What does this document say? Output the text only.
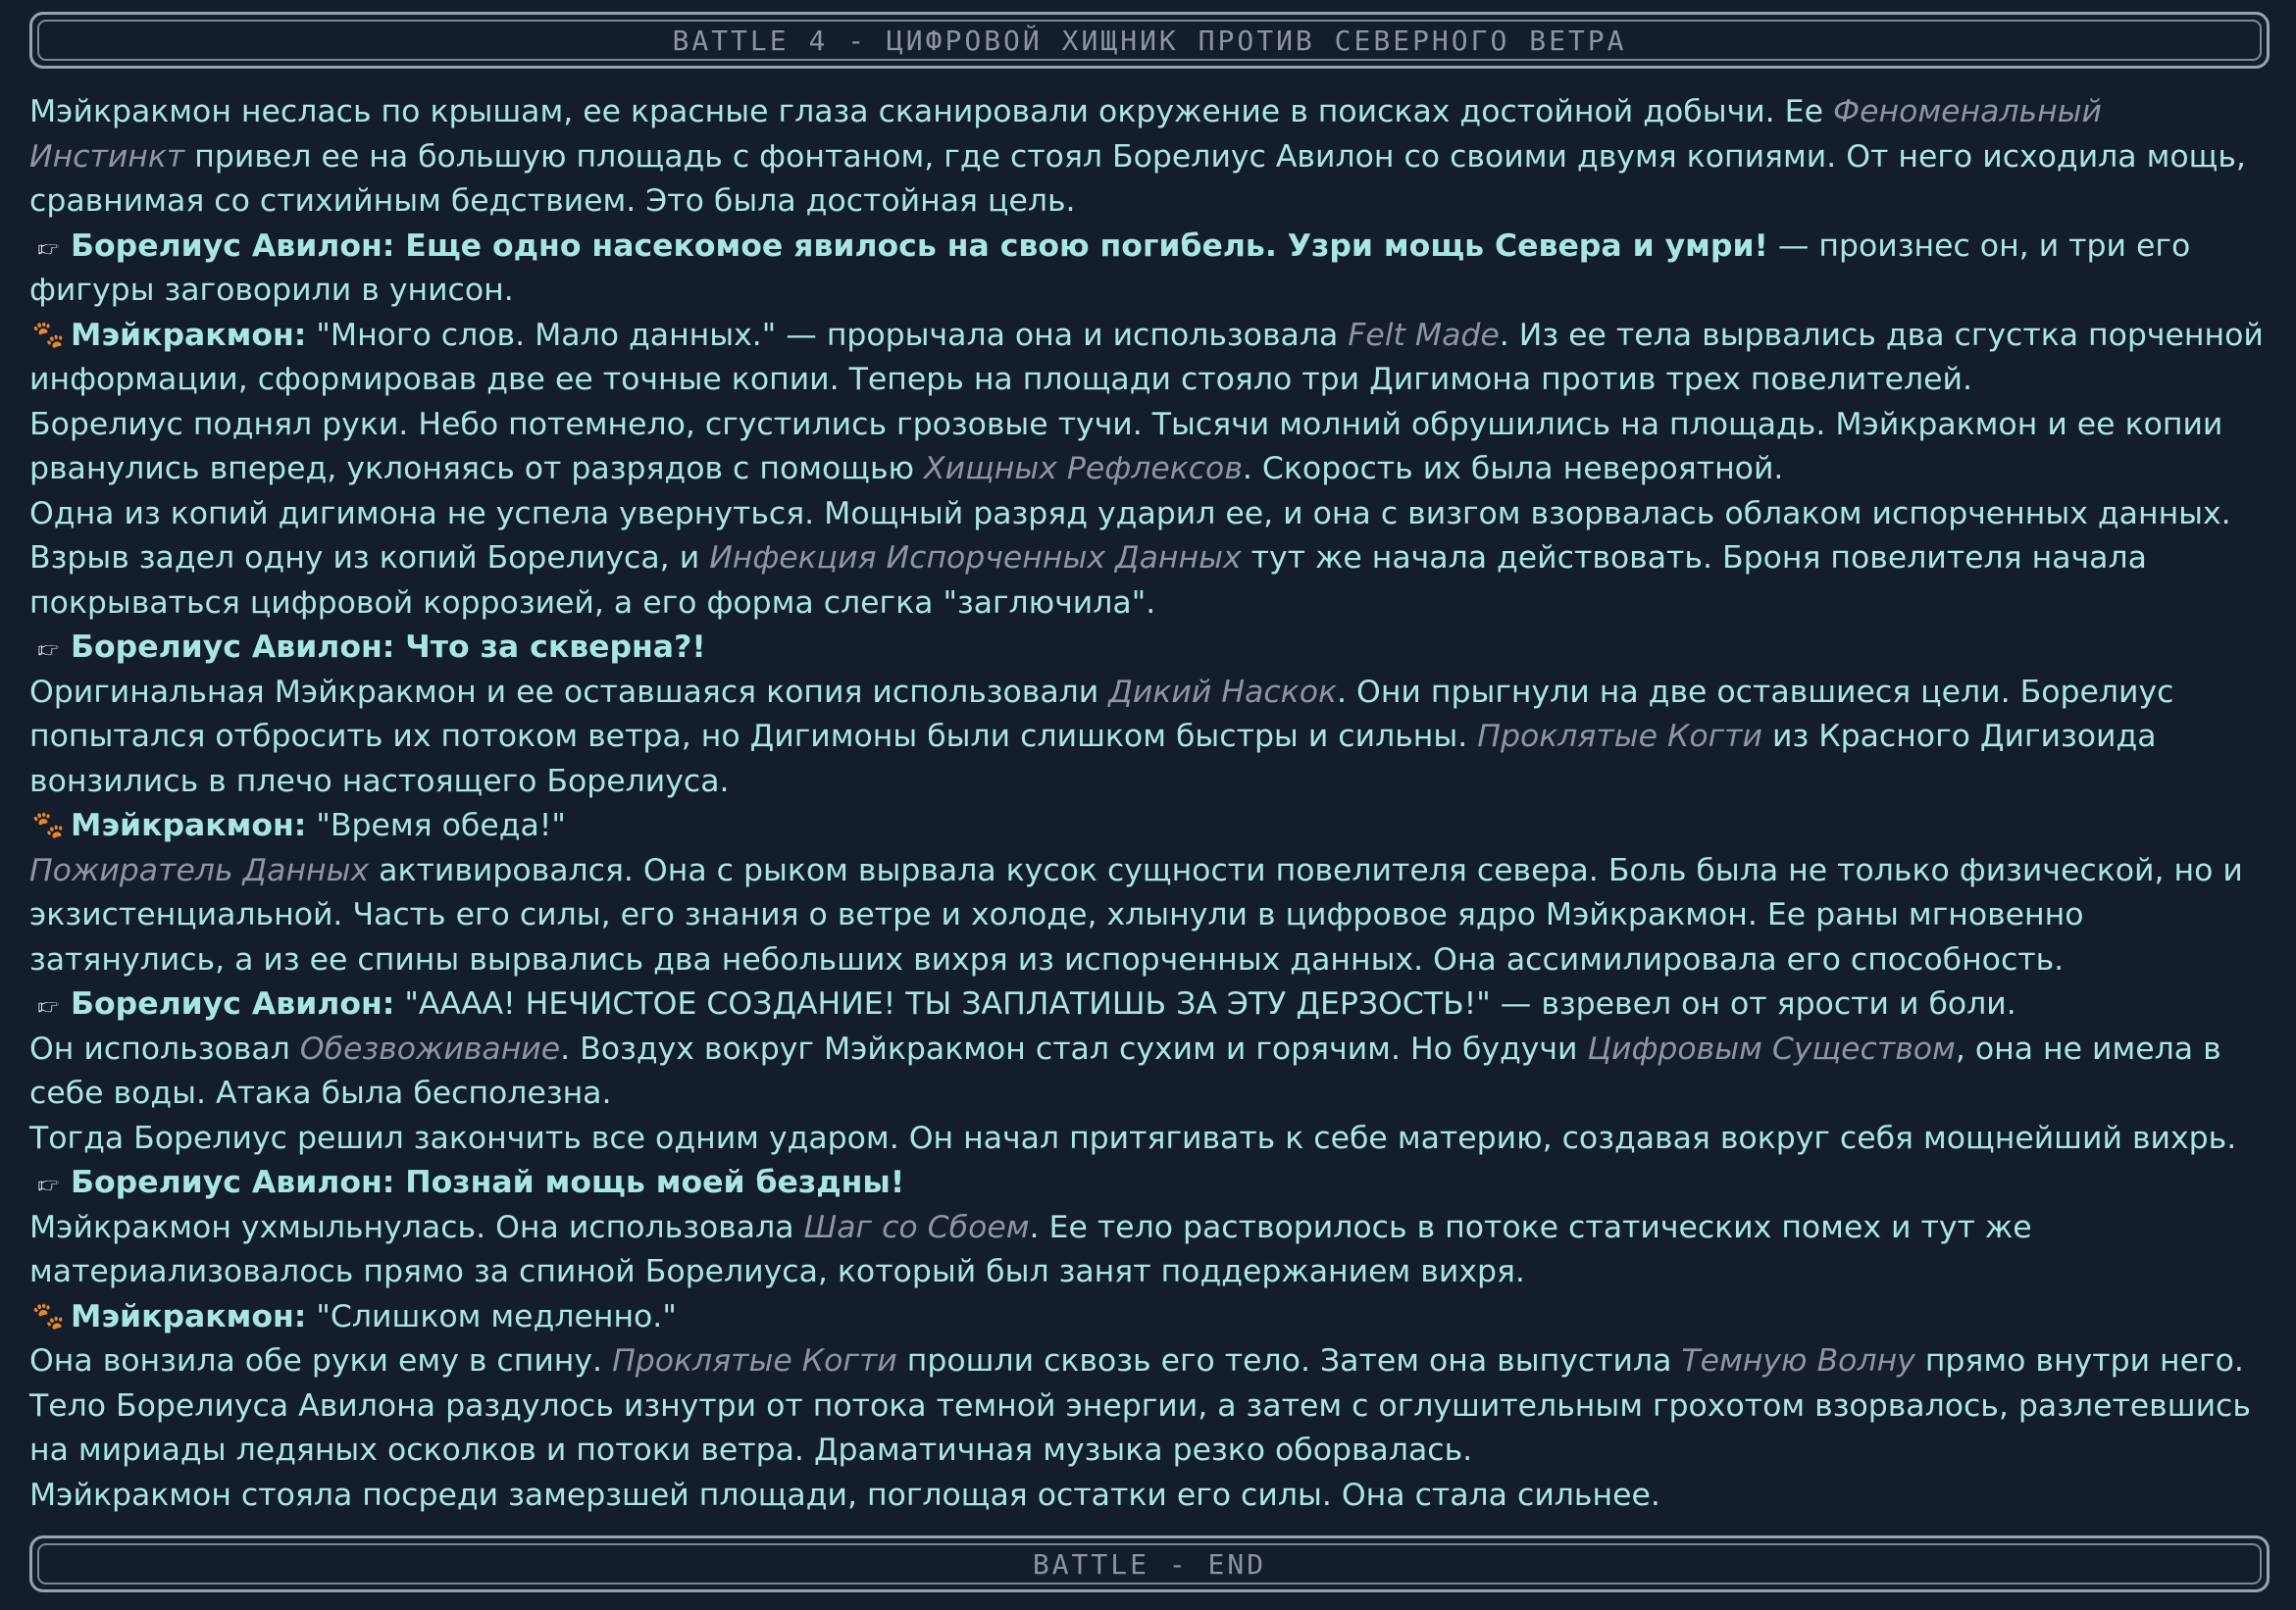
BATTLE 4 - ЦИФРОВОЙ ХИЩНИК ПРОТИВ СЕВЕРНОГО ВЕТРА

Мэйкракмон неслась по крышам, ее красные глаза сканировали окружение в поисках достойной добычи. Ее Феноменальный Инстинкт привел ее на большую площадь с фонтаном, где стоял Борелиус Авилон со своими двумя копиями. От него исходила мощь, сравнимая со стихийным бедствием. Это была достойная цель.

👉︎ Борелиус Авилон: Еще одно насекомое явилось на свою погибель. Узри мощь Севера и умри! — произнес он, и три его фигуры заговорили в унисон.

🐾︎ Мэйкракмон: "Много слов. Мало данных." — прорычала она и использовала Felt Made. Из ее тела вырвались два сгустка порченной информации, сформировав две ее точные копии. Теперь на площади стояло три Дигимона против трех повелителей.

Борелиус поднял руки. Небо потемнело, сгустились грозовые тучи. Тысячи молний обрушились на площадь. Мэйкракмон и ее копии рванулись вперед, уклоняясь от разрядов с помощью Хищных Рефлексов. Скорость их была невероятной.

Одна из копий дигимона не успела увернуться. Мощный разряд ударил ее, и она с визгом взорвалась облаком испорченных данных. Взрыв задел одну из копий Борелиуса, и Инфекция Испорченных Данных тут же начала действовать. Броня повелителя начала покрываться цифровой коррозией, а его форма слегка "заглючила".

👉︎ Борелиус Авилон: Что за скверна?!

Оригинальная Мэйкракмон и ее оставшаяся копия использовали Дикий Наскок. Они прыгнули на две оставшиеся цели. Борелиус попытался отбросить их потоком ветра, но Дигимоны были слишком быстры и сильны. Проклятые Когти из Красного Дигизоида вонзились в плечо настоящего Борелиуса.

🐾︎ Мэйкракмон: "Время обеда!"

Пожиратель Данных активировался. Она с рыком вырвала кусок сущности повелителя севера. Боль была не только физической, но и экзистенциальной. Часть его силы, его знания о ветре и холоде, хлынули в цифровое ядро Мэйкракмон. Ее раны мгновенно затянулись, а из ее спины вырвались два небольших вихря из испорченных данных. Она ассимилировала его способность.

👉︎ Борелиус Авилон: "АААА! НЕЧИСТОЕ СОЗДАНИЕ! ТЫ ЗАПЛАТИШЬ ЗА ЭТУ ДЕРЗОСТЬ!" — взревел он от ярости и боли.

Он использовал Обезвоживание. Воздух вокруг Мэйкракмон стал сухим и горячим. Но будучи Цифровым Существом, она не имела в себе воды. Атака была бесполезна.

Тогда Борелиус решил закончить все одним ударом. Он начал притягивать к себе материю, создавая вокруг себя мощнейший вихрь.

👉︎ Борелиус Авилон: Познай мощь моей бездны!

Мэйкракмон ухмыльнулась. Она использовала Шаг со Сбоем. Ее тело растворилось в потоке статических помех и тут же материализовалось прямо за спиной Борелиуса, который был занят поддержанием вихря.

🐾︎ Мэйкракмон: "Слишком медленно."

Она вонзила обе руки ему в спину. Проклятые Когти прошли сквозь его тело. Затем она выпустила Темную Волну прямо внутри него. Тело Борелиуса Авилона раздулось изнутри от потока темной энергии, а затем с оглушительным грохотом взорвалось, разлетевшись на мириады ледяных осколков и потоки ветра. Драматичная музыка резко оборвалась.

Мэйкракмон стояла посреди замерзшей площади, поглощая остатки его силы. Она стала сильнее.

BATTLE - END
